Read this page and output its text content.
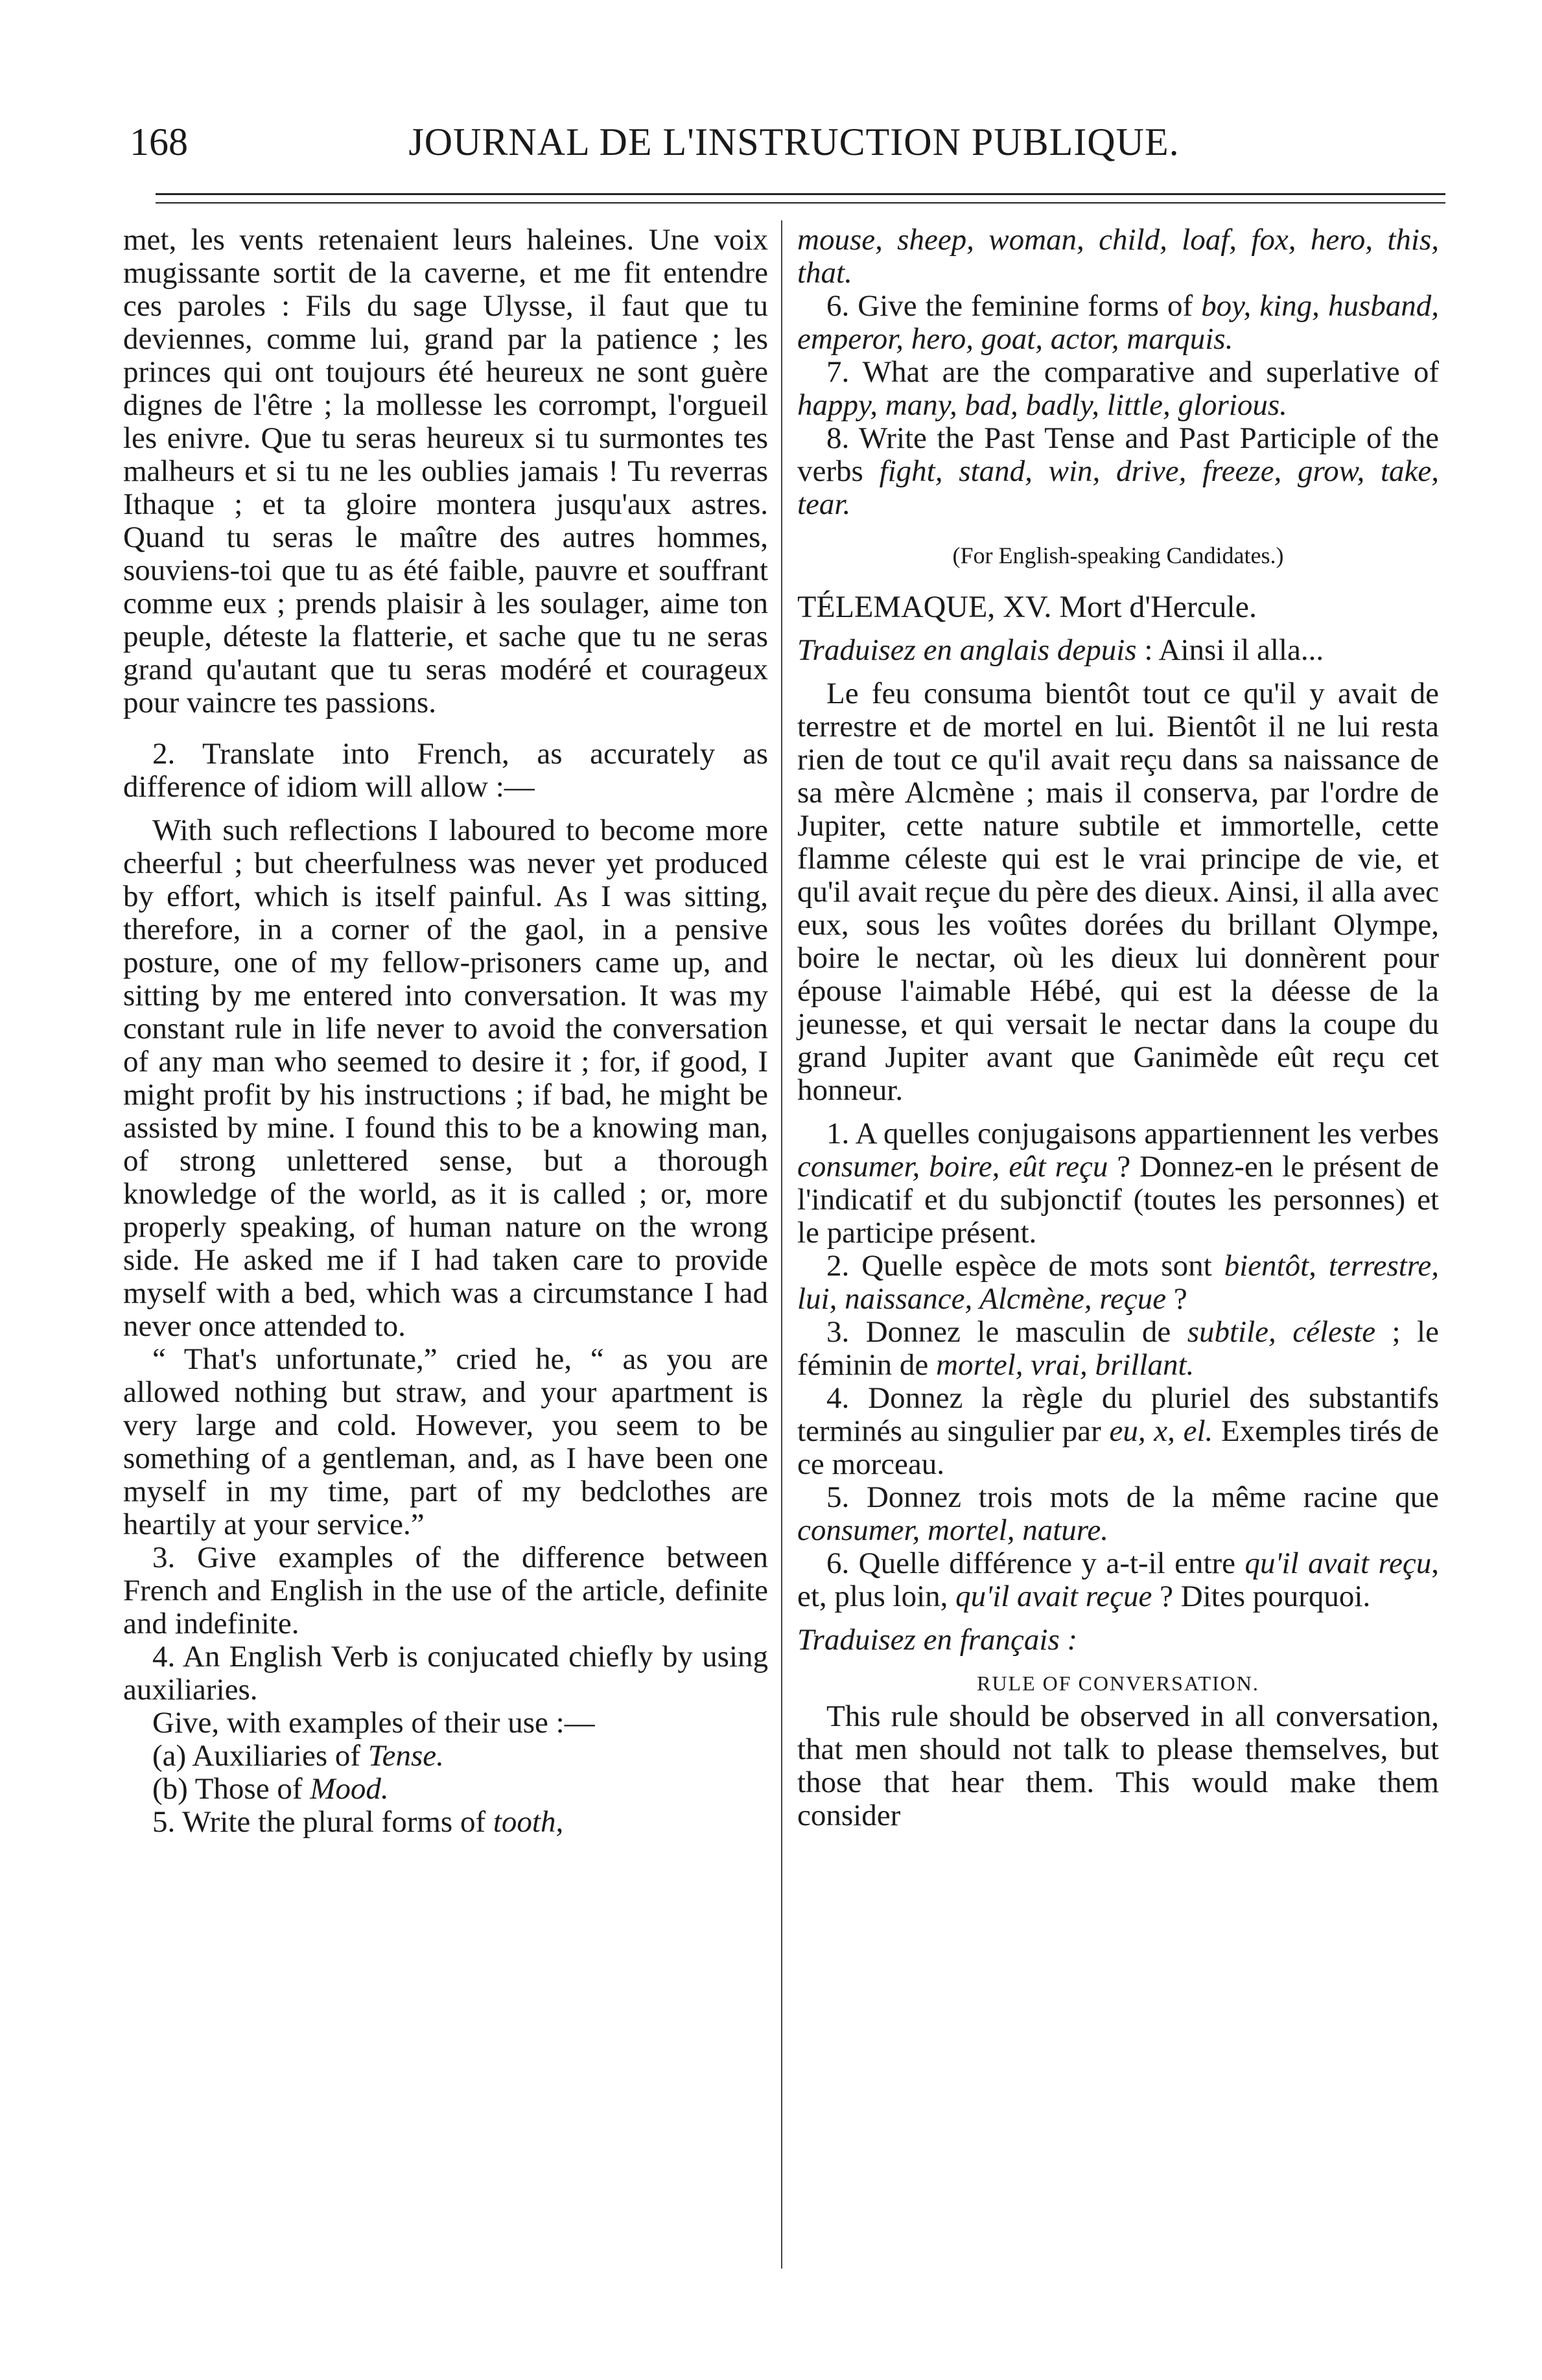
168	JOURNAL DE L'INSTRUCTION PUBLIQUE.

met, les vents retenaient leurs haleines. Une voix mugissante sortit de la caverne, et me fit entendre ces paroles : Fils du sage Ulysse, il faut que tu deviennes, comme lui, grand par la patience ; les princes qui ont toujours été heureux ne sont guère dignes de l'être ; la mollesse les corrompt, l'orgueil les enivre. Que tu seras heureux si tu surmontes tes malheurs et si tu ne les oublies jamais ! Tu reverras Ithaque ; et ta gloire montera jusqu'aux astres. Quand tu seras le maître des autres hommes, souviens-toi que tu as été faible, pauvre et souffrant comme eux ; prends plaisir à les soulager, aime ton peuple, déteste la flatterie, et sache que tu ne seras grand qu'autant que tu seras modéré et courageux pour vaincre tes passions.

2. Translate into French, as accurately as difference of idiom will allow :—

With such reflections I laboured to become more cheerful ; but cheerfulness was never yet produced by effort, which is itself painful. As I was sitting, therefore, in a corner of the gaol, in a pensive posture, one of my fellow-prisoners came up, and sitting by me entered into conversation. It was my constant rule in life never to avoid the conversation of any man who seemed to desire it ; for, if good, I might profit by his instructions ; if bad, he might be assisted by mine. I found this to be a knowing man, of strong unlettered sense, but a thorough knowledge of the world, as it is called ; or, more properly speaking, of human nature on the wrong side. He asked me if I had taken care to provide myself with a bed, which was a circumstance I had never once attended to.

“ That's unfortunate,” cried he, “ as you are allowed nothing but straw, and your apartment is very large and cold. However, you seem to be something of a gentleman, and, as I have been one myself in my time, part of my bedclothes are heartily at your service.”

3. Give examples of the difference between French and English in the use of the article, definite and indefinite.

4. An English Verb is conjucated chiefly by using auxiliaries.

Give, with examples of their use :—

(a) Auxiliaries of Tense.

(b) Those of Mood.

5. Write the plural forms of tooth,

mouse, sheep, woman, child, loaf, fox, hero, this, that.

6. Give the feminine forms of boy, king, husband, emperor, hero, goat, actor, marquis.

7. What are the comparative and superlative of happy, many, bad, badly, little, glorious.

8. Write the Past Tense and Past Participle of the verbs fight, stand, win, drive, freeze, grow, take, tear.

(For English-speaking Candidates.)

TÉLEMAQUE, XV. Mort d'Hercule.

Traduisez en anglais depuis : Ainsi il alla...

Le feu consuma bientôt tout ce qu'il y avait de terrestre et de mortel en lui. Bientôt il ne lui resta rien de tout ce qu'il avait reçu dans sa naissance de sa mère Alcmène ; mais il conserva, par l'ordre de Jupiter, cette nature subtile et immortelle, cette flamme céleste qui est le vrai principe de vie, et qu'il avait reçue du père des dieux. Ainsi, il alla avec eux, sous les voûtes dorées du brillant Olympe, boire le nectar, où les dieux lui donnèrent pour épouse l'aimable Hébé, qui est la déesse de la jeunesse, et qui versait le nectar dans la coupe du grand Jupiter avant que Ganimède eût reçu cet honneur.

1. A quelles conjugaisons appartiennent les verbes consumer, boire, eût reçu ? Donnez-en le présent de l'indicatif et du subjonctif (toutes les personnes) et le participe présent.

2. Quelle espèce de mots sont bientôt, terrestre, lui, naissance, Alcmène, reçue ?

3. Donnez le masculin de subtile, céleste ; le féminin de mortel, vrai, brillant.

4. Donnez la règle du pluriel des substantifs terminés au singulier par eu, x, el. Exemples tirés de ce morceau.

5. Donnez trois mots de la même racine que consumer, mortel, nature.

6. Quelle différence y a-t-il entre qu'il avait reçu, et, plus loin, qu'il avait reçue ? Dites pourquoi.

Traduisez en français :

RULE OF CONVERSATION.

This rule should be observed in all conversation, that men should not talk to please themselves, but those that hear them. This would make them consider
